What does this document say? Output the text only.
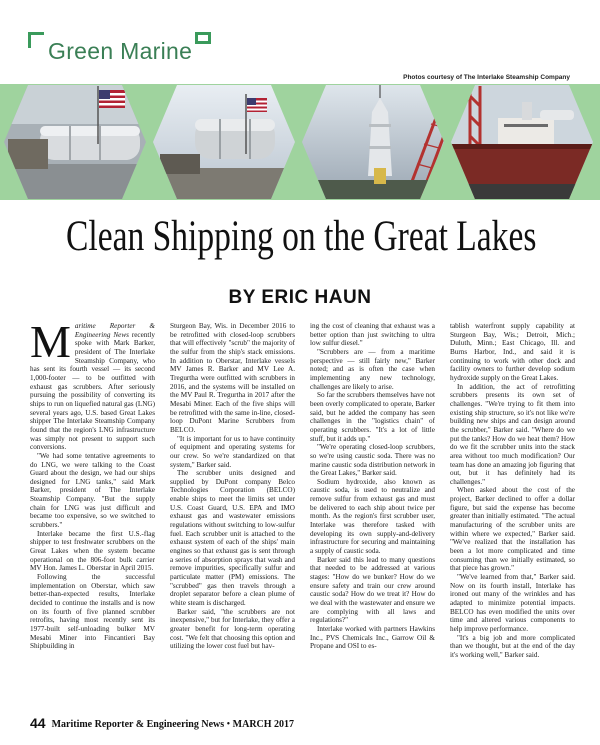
Green Marine
Photos courtesy of The Interlake Steamship Company
Clean Shipping on the Great Lakes
BY ERIC HAUN
M aritime Reporter & Engineering News recently spoke with Mark Barker, president of The Interlake Steamship Company, who has sent its fourth vessel — its second 1,000-footer — to be outfitted with exhaust gas scrubbers. After seriously pursuing the possibility of converting its ships to run on liquefied natural gas (LNG) several years ago, U.S. based Great Lakes shipper The Interlake Steamship Company found that the region's LNG infrastructure was simply not present to support such conversions.

"We had some tentative agreements to do LNG, we were talking to the Coast Guard about the design, we had our ships designed for LNG tanks," said Mark Barker, president of The Interlake Steamship Company. "But the supply chain for LNG was just difficult and became too expensive, so we switched to scrubbers."

Interlake became the first U.S.-flag shipper to test freshwater scrubbers on the Great Lakes when the system became operational on the 806-foot bulk carrier MV Hon. James L. Oberstar in April 2015.

Following the successful implementation on Oberstar, which saw better-than-expected results, Interlake decided to continue the installs and is now on its fourth of five planned scrubber retrofits, having most recently sent its 1977-built self-unloading bulker MV Mesabi Miner into Fincantieri Bay Shipbuilding in

Sturgeon Bay, Wis. in December 2016 to be retrofitted with closed-loop scrubbers that will effectively "scrub" the majority of the sulfur from the ship's stack emissions. In addition to Oberstar, Interlake vessels MV James R. Barker and MV Lee A. Tregurtha were outfitted with scrubbers in 2016, and the systems will be installed on the MV Paul R. Tregurtha in 2017 after the Mesabi Miner. Each of the five ships will be retrofitted with the same in-line, closed-loop DuPont Marine Scrubbers from BELCO.

"It is important for us to have continuity of equipment and operating systems for our crew. So we're standardized on that system," Barker said.

The scrubber units designed and supplied by DuPont company Belco Technologies Corporation (BELCO) enable ships to meet the limits set under U.S. Coast Guard, U.S. EPA and IMO exhaust gas and wastewater emissions regulations without switching to low-sulfur fuel. Each scrubber unit is attached to the exhaust system of each of the ships' main engines so that exhaust gas is sent through a series of absorption sprays that wash and remove impurities, specifically sulfur and particulate matter (PM) emissions. The "scrubbed" gas then travels through a droplet separator before a clean plume of white steam is discharged.

Barker said, "the scrubbers are not inexpensive," but for Interlake, they offer a greater benefit for long-term operating cost. "We felt that choosing this option and utilizing the lower cost fuel but hav-

ing the cost of cleaning that exhaust was a better option than just switching to ultra low sulfur diesel."

"Scrubbers are — from a maritime perspective — still fairly new," Barker noted; and as is often the case when implementing any new technology, challenges are likely to arise.

So far the scrubbers themselves have not been overly complicated to operate, Barker said, but he added the company has seen challenges in the "logistics chain" of operating scrubbers. "It's a lot of little stuff, but it adds up."

"We're operating closed-loop scrubbers, so we're using caustic soda. There was no marine caustic soda distribution network in the Great Lakes," Barker said.

Sodium hydroxide, also known as caustic soda, is used to neutralize and remove sulfur from exhaust gas and must be delivered to each ship about twice per month. As the region's first scrubber user, Interlake was therefore tasked with developing its own supply-and-delivery infrastructure for securing and maintaining a supply of caustic soda.

Barker said this lead to many questions that needed to be addressed at various stages: "How do we bunker? How do we ensure safety and train our crew around caustic soda? How do we treat it? How do we deal with the wastewater and ensure we are complying with all laws and regulations?"

Interlake worked with partners Hawkins Inc., PVS Chemicals Inc., Garrow Oil & Propane and OSI to es-

tablish waterfront supply capability at Sturgeon Bay, Wis.; Detroit, Mich.; Duluth, Minn.; East Chicago, Ill. and Burns Harbor, Ind., and said it is continuing to work with other dock and facility owners to further develop sodium hydroxide supply on the Great Lakes.

In addition, the act of retrofitting scrubbers presents its own set of challenges. "We're trying to fit them into existing ship structure, so it's not like we're building new ships and can design around the scrubber," Barker said. "Where do we put the tanks? How do we heat them? How do we fit the scrubber units into the stack area without too much modification? Our team has done an amazing job figuring that out, but it has definitely had its challenges."

When asked about the cost of the project, Barker declined to offer a dollar figure, but said the expense has become greater than initially estimated. "The actual manufacturing of the scrubber units are within where we expected," Barker said. "We've realized that the installation has been a lot more complicated and time consuming than we initially estimated, so that piece has grown."

"We've learned from that," Barker said. Now on its fourth install, Interlake has ironed out many of the wrinkles and has adapted to minimize potential impacts. BELCO has even modified the units over time and altered various components to help improve performance.

"It's a big job and more complicated than we thought, but at the end of the day it's working well," Barker said.

44 Maritime Reporter & Engineering News • MARCH 2017
